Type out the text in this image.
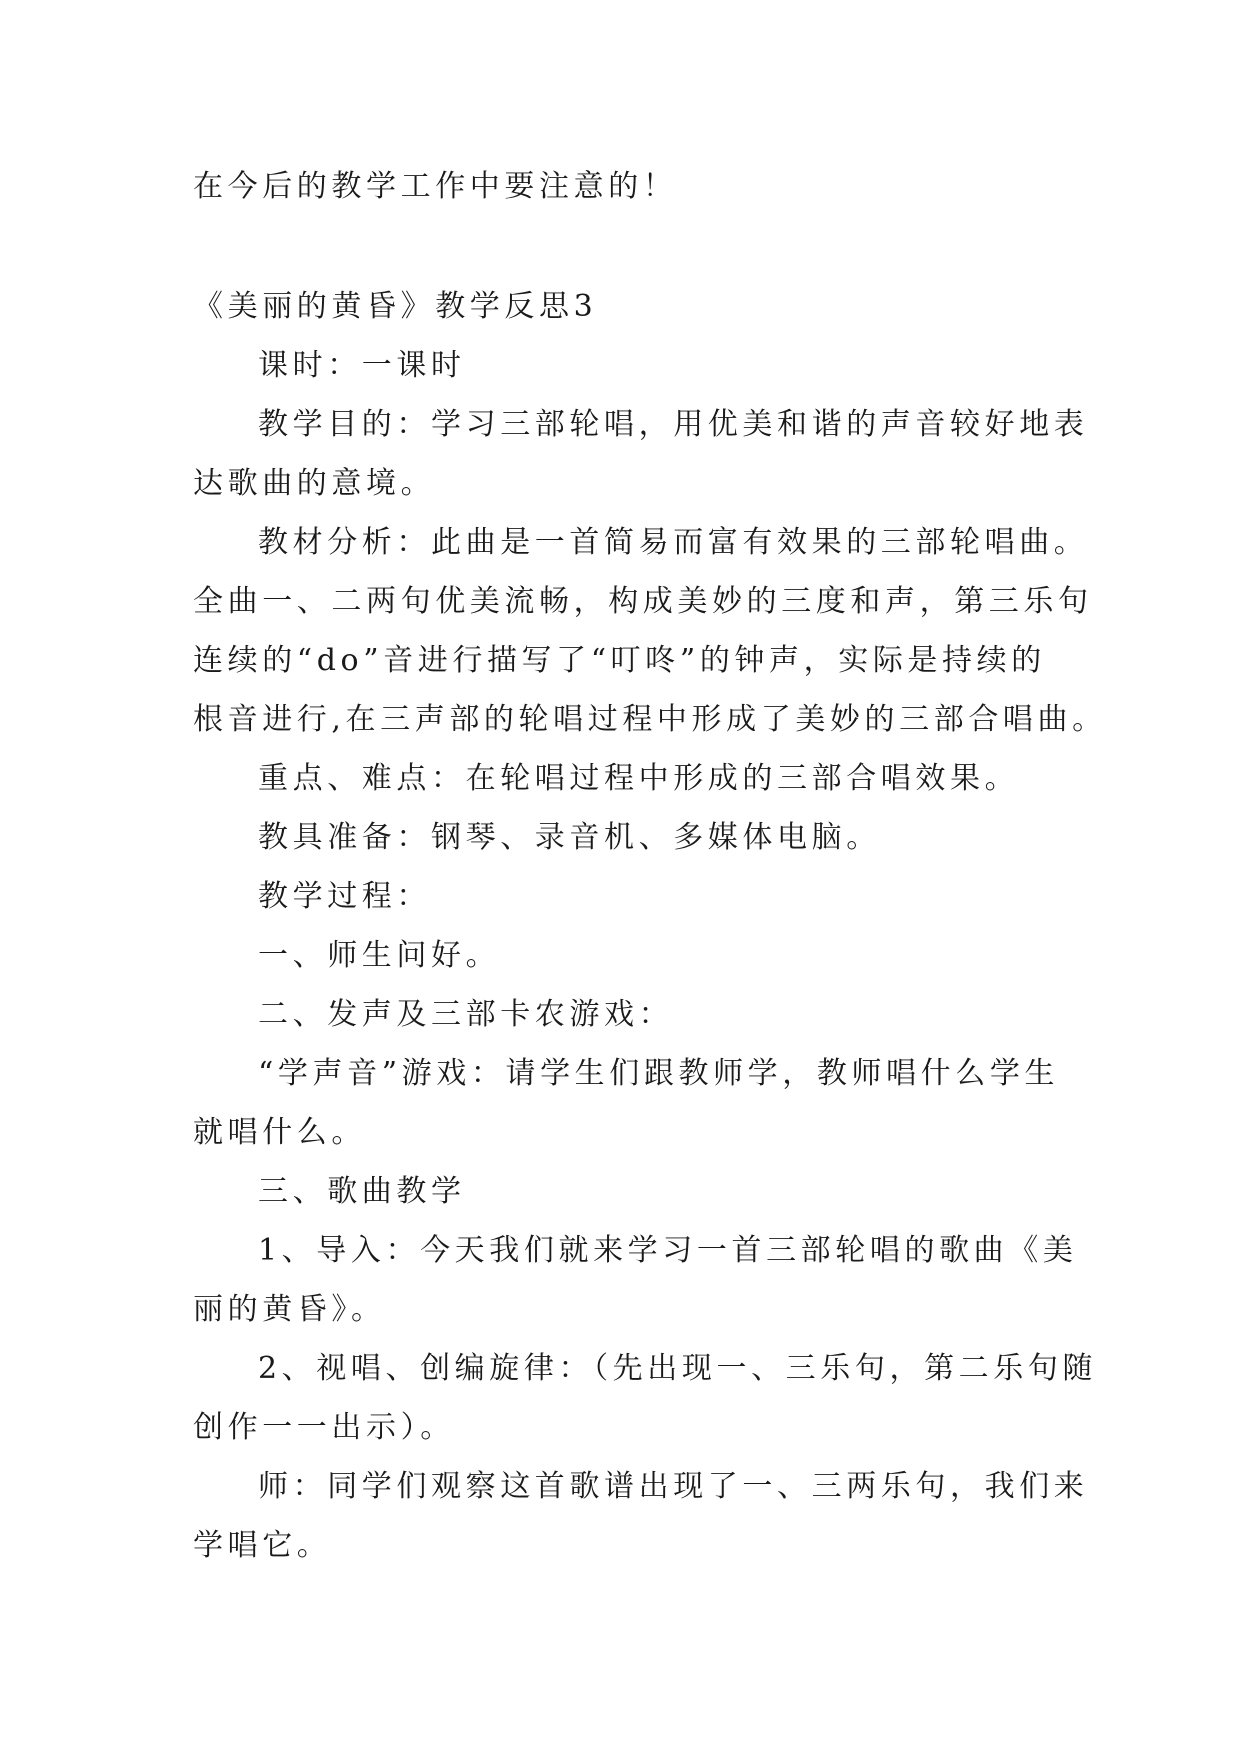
在今后的教学工作中要注意的！
《美丽的黄昏》教学反思3
课时：一课时
教学目的：学习三部轮唱，用优美和谐的声音较好地表
达歌曲的意境。
教材分析：此曲是一首简易而富有效果的三部轮唱曲。
全曲一、二两句优美流畅，构成美妙的三度和声，第三乐句
连续的“do”音进行描写了“叮咚”的钟声，实际是持续的
根音进行,在三声部的轮唱过程中形成了美妙的三部合唱曲。
重点、难点：在轮唱过程中形成的三部合唱效果。
教具准备：钢琴、录音机、多媒体电脑。
教学过程：
一、师生问好。
二、发声及三部卡农游戏：
“学声音”游戏：请学生们跟教师学，教师唱什么学生
就唱什么。
三、歌曲教学
1、导入：今天我们就来学习一首三部轮唱的歌曲《美
丽的黄昏》。
2、视唱、创编旋律：（先出现一、三乐句，第二乐句随
创作一一出示）。
师：同学们观察这首歌谱出现了一、三两乐句，我们来
学唱它。
